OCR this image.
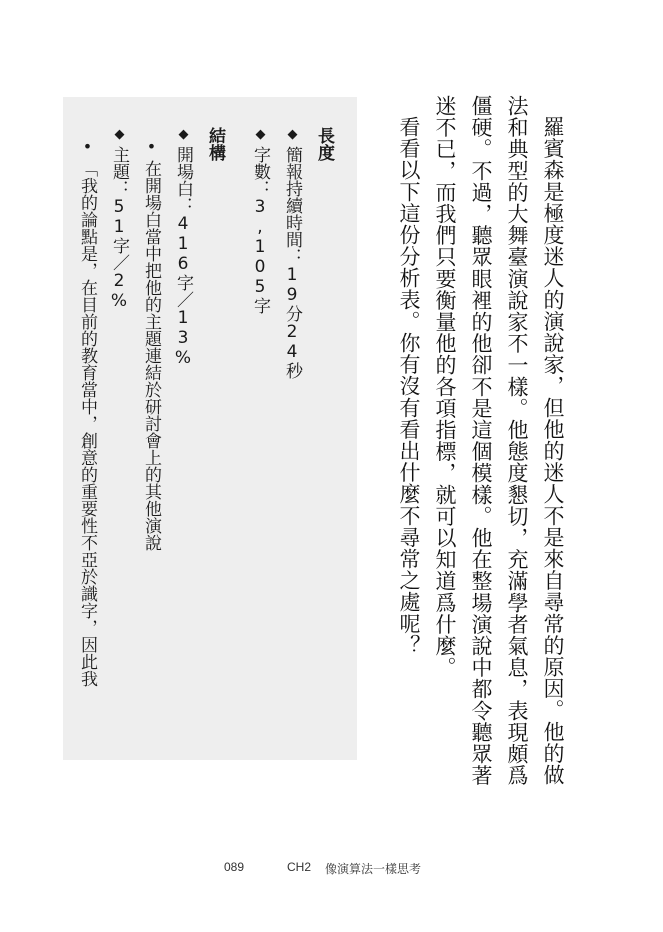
羅賓森是極度迷人的演說家，但他的迷人不是來自尋常的原因。他的做法和典型的大舞臺演說家不一樣。他態度懇切，充滿學者氣息，表現頗爲僵硬。不過，聽眾眼裡的他卻不是這個模樣。他在整場演說中都令聽眾著迷不已，而我們只要衡量他的各項指標，就可以知道爲什麼。

看看以下這份分析表。你有沒有看出什麼不尋常之處呢？

長度
◆簡報持續時間：19分24秒
◆字數：3,105字
結構
◆開場白：416字／13%
•在開場白當中把他的主題連結於研討會上的其他演說
◆主題：51字／2%
•「我的論點是，在目前的教育當中，創意的重要性不亞於識字，因此我
089	CH2 像演算法一樣思考
